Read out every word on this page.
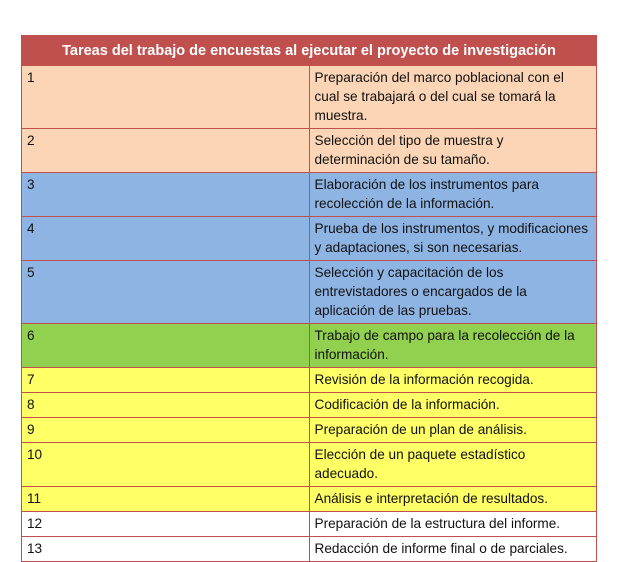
Tareas del trabajo de encuestas al ejecutar el proyecto de investigación	
1	Preparación del marco poblacional con el cual se trabajará o del cual se tomará la muestra.
2	Selección del tipo de muestra y determinación de su tamaño.
3	Elaboración de los instrumentos para recolección de la información.
4	Prueba de los instrumentos, y modificaciones y adaptaciones, si son necesarias.
5	Selección y capacitación de los entrevistadores o encargados de la aplicación de las pruebas.
6	Trabajo de campo para la recolección de la información.
7	Revisión de la información recogida.
8	Codificación de la información.
9	Preparación de un plan de análisis.
10	Elección de un paquete estadístico adecuado.
11	Análisis e interpretación de resultados.
12	Preparación de la estructura del informe.
13	Redacción de informe final o de parciales.
